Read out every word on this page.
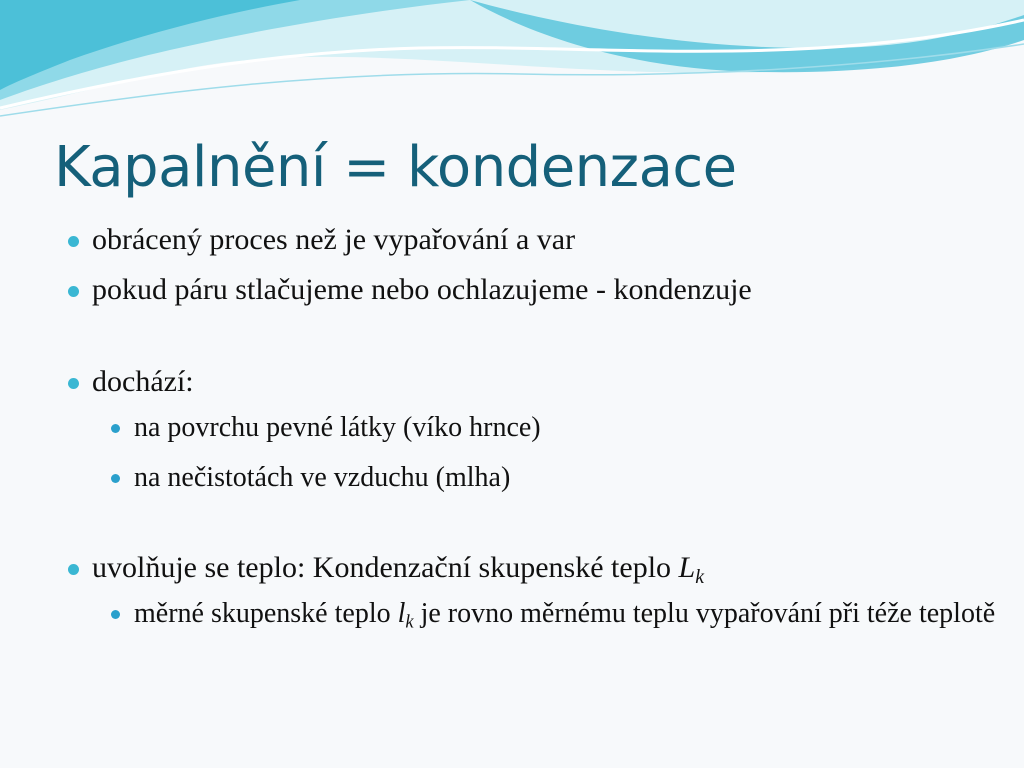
Kapalnění = kondenzace
obrácený proces než je vypařování a var
pokud páru stlačujeme nebo ochlazujeme - kondenzuje
dochází:
na povrchu pevné látky (víko hrnce)
na nečistotách ve vzduchu (mlha)
uvolňuje se teplo: Kondenzační skupenské teplo $L_k$
měrné skupenské teplo $l_k$ je rovno měrnému teplu vypařování při téže teplotě
